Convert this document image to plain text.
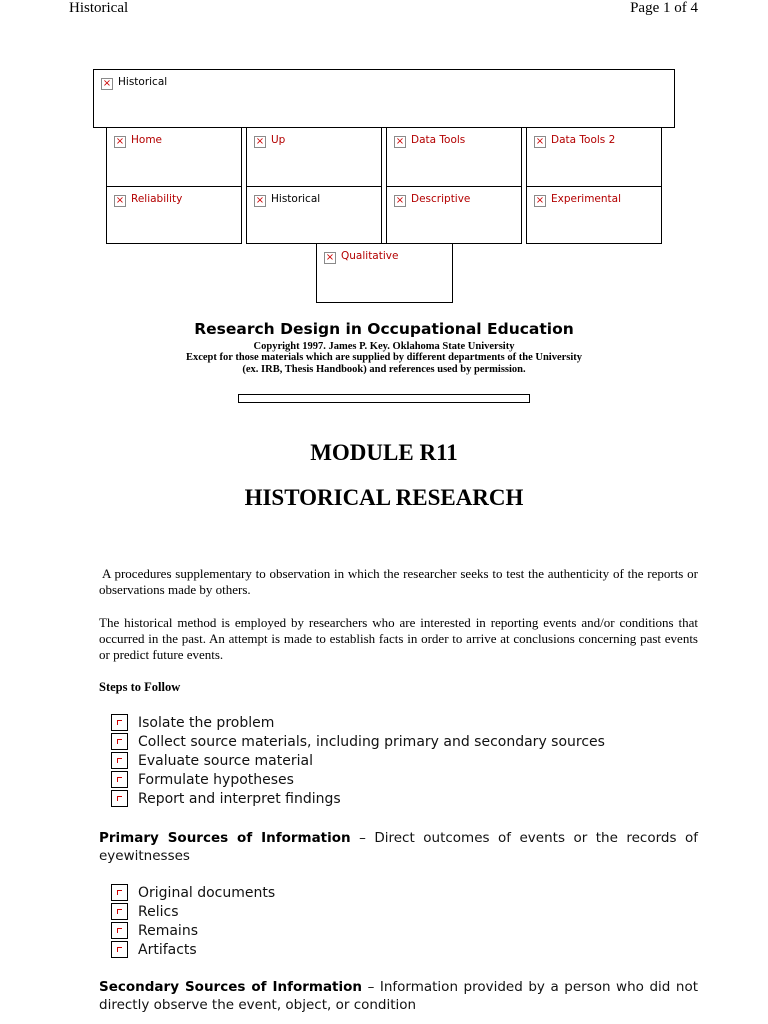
Historical	Page 1 of 4
× Historical
× Home	× Up	× Data Tools	× Data Tools 2
× Reliability	× Historical	× Descriptive	× Experimental
× Qualitative
Research Design in Occupational Education
Copyright 1997. James P. Key. Oklahoma State University
Except for those materials which are supplied by different departments of the University
(ex. IRB, Thesis Handbook) and references used by permission.
MODULE R11
HISTORICAL RESEARCH
A procedures supplementary to observation in which the researcher seeks to test the authenticity of the reports or observations made by others.
The historical method is employed by researchers who are interested in reporting events and/or conditions that occurred in the past. An attempt is made to establish facts in order to arrive at conclusions concerning past events or predict future events.
Steps to Follow
Isolate the problem
Collect source materials, including primary and secondary sources
Evaluate source material
Formulate hypotheses
Report and interpret findings
Primary Sources of Information – Direct outcomes of events or the records of eyewitnesses
Original documents
Relics
Remains
Artifacts
Secondary Sources of Information – Information provided by a person who did not directly observe the event, object, or condition
